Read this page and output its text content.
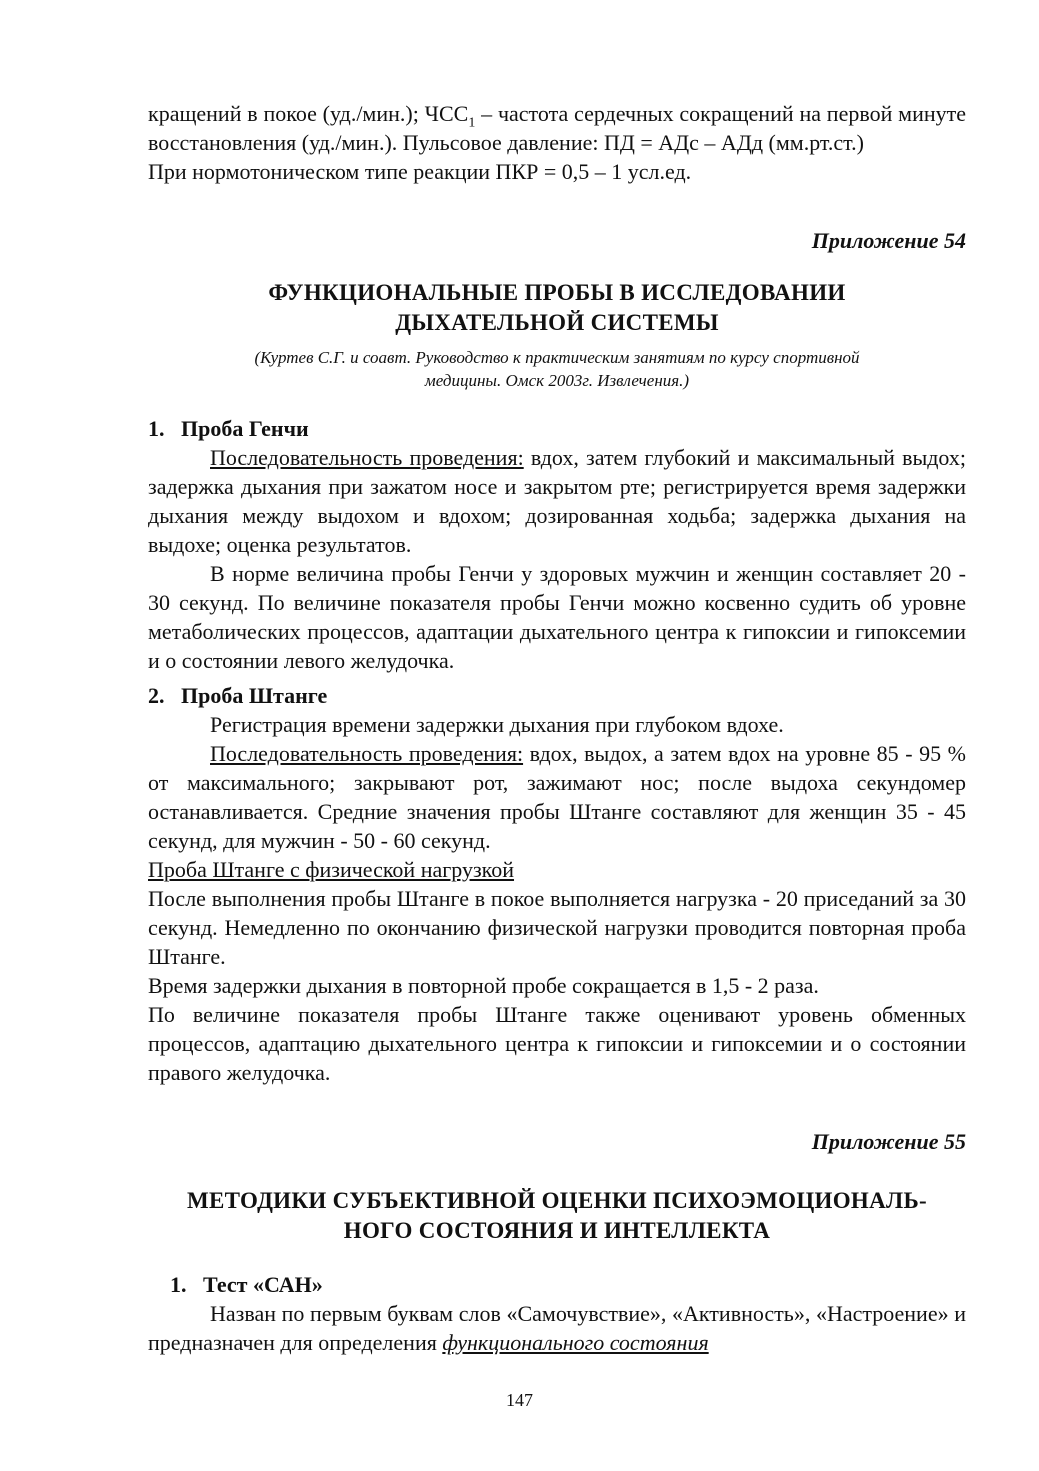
кращений в покое (уд./мин.); $ЧСС_1$ – частота сердечных сокращений на первой минуте восстановления (уд./мин.). Пульсовое давление: ПД = АДс – АДд (мм.рт.ст.)

При нормотоническом типе реакции ПКР = 0,5 – 1 усл.ед.

Приложение 54

ФУНКЦИОНАЛЬНЫЕ ПРОБЫ В ИССЛЕДОВАНИИ
ДЫХАТЕЛЬНОЙ СИСТЕМЫ
(Куртев С.Г. и соавт. Руководство к практическим занятиям по курсу спортивной
медицины. Омск 2003г. Извлечения.)
1. Проба Генчи

Последовательность проведения: вдох, затем глубокий и максимальный выдох; задержка дыхания при зажатом носе и закрытом рте; регистрируется время задержки дыхания между выдохом и вдохом; дозированная ходьба; задержка дыхания на выдохе; оценка результатов.

В норме величина пробы Генчи у здоровых мужчин и женщин составляет 20 - 30 секунд. По величине показателя пробы Генчи можно косвенно судить об уровне метаболических процессов, адаптации дыхательного центра к гипоксии и гипоксемии и о состоянии левого желудочка.

2. Проба Штанге

Регистрация времени задержки дыхания при глубоком вдохе.

Последовательность проведения: вдох, выдох, а затем вдох на уровне 85 - 95 % от максимального; закрывают рот, зажимают нос; после выдоха секундомер останавливается. Средние значения пробы Штанге составляют для женщин 35 - 45 секунд, для мужчин - 50 - 60 секунд.

Проба Штанге с физической нагрузкой

После выполнения пробы Штанге в покое выполняется нагрузка - 20 приседаний за 30 секунд. Немедленно по окончанию физической нагрузки проводится повторная проба Штанге.

Время задержки дыхания в повторной пробе сокращается в 1,5 - 2 раза.

По величине показателя пробы Штанге также оценивают уровень обменных процессов, адаптацию дыхательного центра к гипоксии и гипоксемии и о состоянии правого желудочка.

Приложение 55

МЕТОДИКИ СУБЪЕКТИВНОЙ ОЦЕНКИ ПСИХОЭМОЦИОНАЛЬ-
НОГО СОСТОЯНИЯ И ИНТЕЛЛЕКТА
1. Тест «САН»

Назван по первым буквам слов «Самочувствие», «Активность», «Настроение» и предназначен для определения функционального состояния

147
